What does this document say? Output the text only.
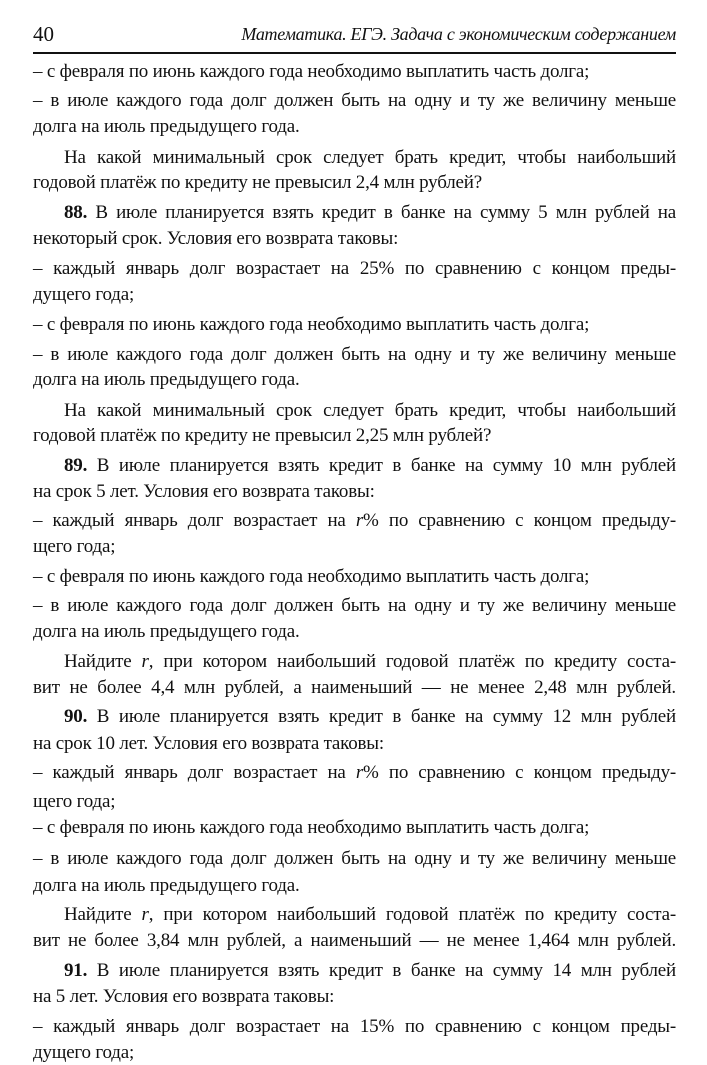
40	Математика. ЕГЭ. Задача с экономическим содержанием
– с февраля по июнь каждого года необходимо выплатить часть долга;
– в июле каждого года долг должен быть на одну и ту же величину меньше
долга на июль предыдущего года.
На какой минимальный срок следует брать кредит, чтобы наибольший
годовой платёж по кредиту не превысил 2,4 млн рублей?
88. В июле планируется взять кредит в банке на сумму 5 млн рублей на
некоторый срок. Условия его возврата таковы:
– каждый январь долг возрастает на 25% по сравнению с концом преды-
дущего года;
– с февраля по июнь каждого года необходимо выплатить часть долга;
– в июле каждого года долг должен быть на одну и ту же величину меньше
долга на июль предыдущего года.
На какой минимальный срок следует брать кредит, чтобы наибольший
годовой платёж по кредиту не превысил 2,25 млн рублей?
89. В июле планируется взять кредит в банке на сумму 10 млн рублей
на срок 5 лет. Условия его возврата таковы:
– каждый январь долг возрастает на r% по сравнению с концом предыду-
щего года;
– с февраля по июнь каждого года необходимо выплатить часть долга;
– в июле каждого года долг должен быть на одну и ту же величину меньше
долга на июль предыдущего года.
Найдите r, при котором наибольший годовой платёж по кредиту соста-
вит не более 4,4 млн рублей, а наименьший — не менее 2,48 млн рублей.
90. В июле планируется взять кредит в банке на сумму 12 млн рублей
на срок 10 лет. Условия его возврата таковы:
– каждый январь долг возрастает на r% по сравнению с концом предыду-
щего года;
– с февраля по июнь каждого года необходимо выплатить часть долга;
– в июле каждого года долг должен быть на одну и ту же величину меньше
долга на июль предыдущего года.
Найдите r, при котором наибольший годовой платёж по кредиту соста-
вит не более 3,84 млн рублей, а наименьший — не менее 1,464 млн рублей.
91. В июле планируется взять кредит в банке на сумму 14 млн рублей
на 5 лет. Условия его возврата таковы:
– каждый январь долг возрастает на 15% по сравнению с концом преды-
дущего года;
